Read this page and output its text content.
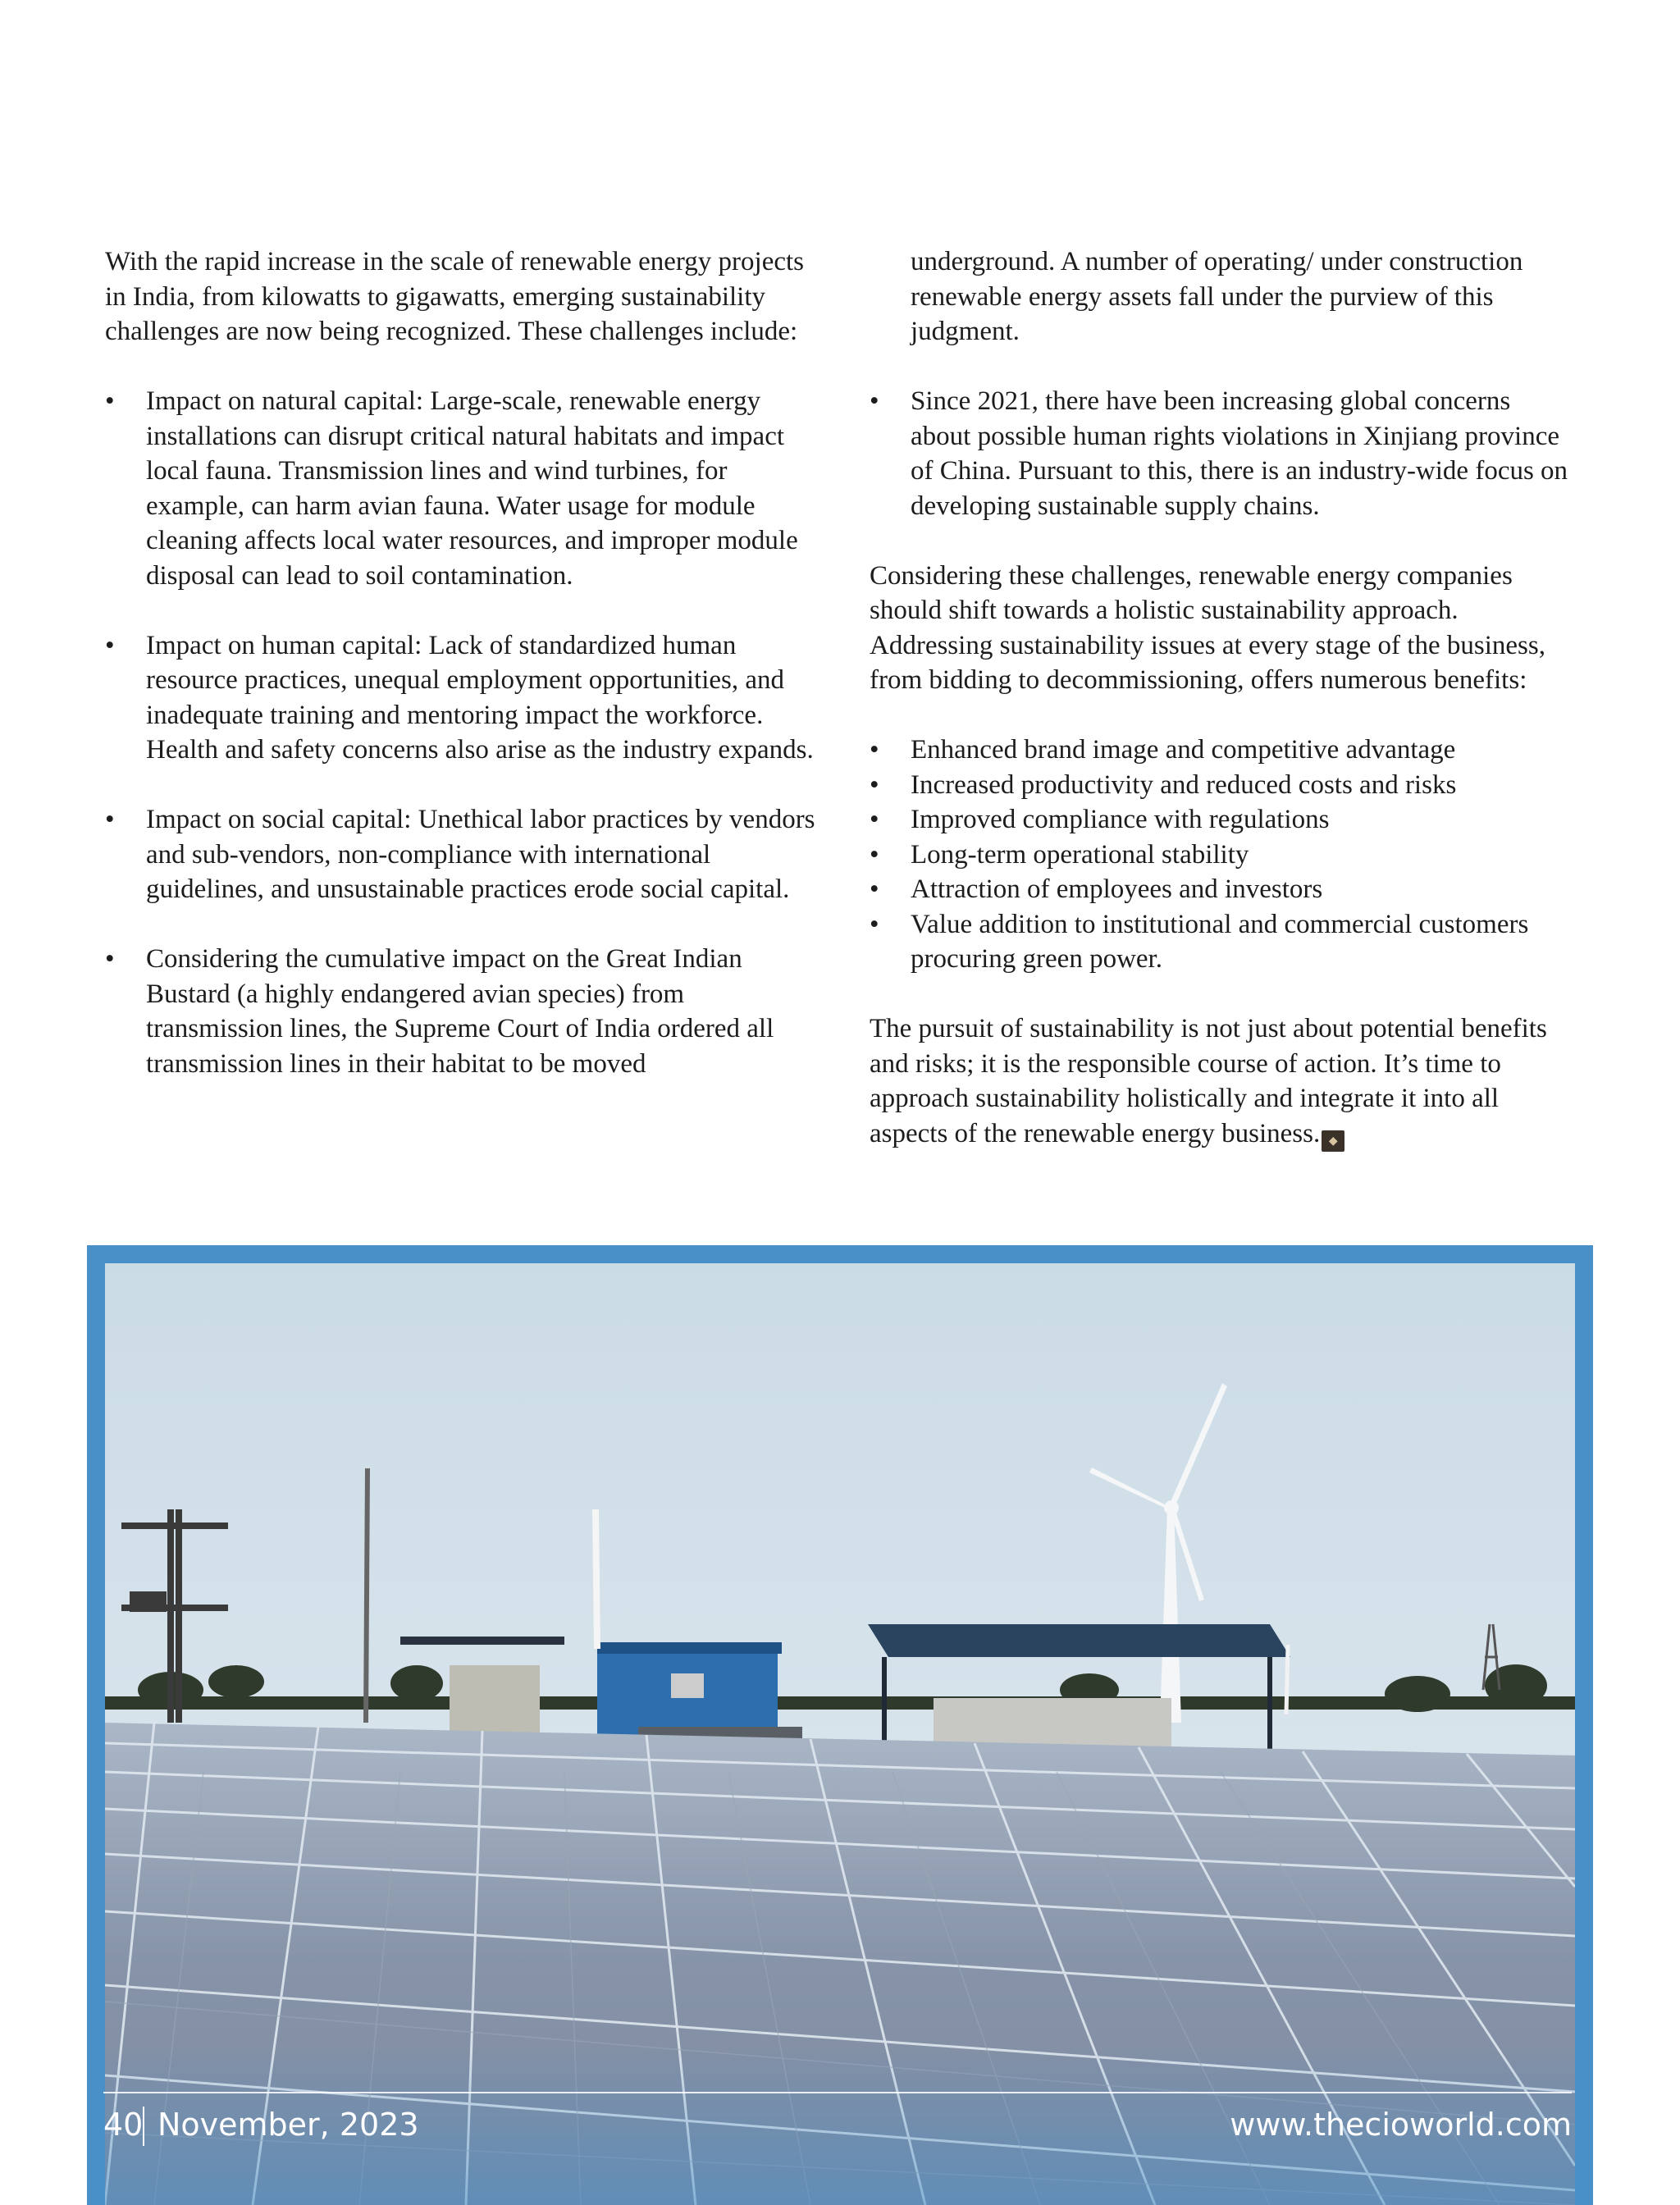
With the rapid increase in the scale of renewable energy projects in India, from kilowatts to gigawatts, emerging sustainability challenges are now being recognized. These challenges include:

• Impact on natural capital: Large-scale, renewable energy installations can disrupt critical natural habitats and impact local fauna. Transmission lines and wind turbines, for example, can harm avian fauna. Water usage for module cleaning affects local water resources, and improper module disposal can lead to soil contamination.
• Impact on human capital: Lack of standardized human resource practices, unequal employment opportunities, and inadequate training and mentoring impact the workforce. Health and safety concerns also arise as the industry expands.
• Impact on social capital: Unethical labor practices by vendors and sub-vendors, non-compliance with international guidelines, and unsustainable practices erode social capital.
• Considering the cumulative impact on the Great Indian Bustard (a highly endangered avian species) from transmission lines, the Supreme Court of India ordered all transmission lines in their habitat to be moved

underground. A number of operating/ under construction renewable energy assets fall under the purview of this judgment.

• Since 2021, there have been increasing global concerns about possible human rights violations in Xinjiang province of China. Pursuant to this, there is an industry-wide focus on developing sustainable supply chains.

Considering these challenges, renewable energy companies should shift towards a holistic sustainability approach. Addressing sustainability issues at every stage of the business, from bidding to decommissioning, offers numerous benefits:

• Enhanced brand image and competitive advantage
• Increased productivity and reduced costs and risks
• Improved compliance with regulations
• Long-term operational stability
• Attraction of employees and investors
• Value addition to institutional and commercial customers procuring green power.

The pursuit of sustainability is not just about potential benefits and risks; it is the responsible course of action. It’s time to approach sustainability holistically and integrate it into all aspects of the renewable energy business. ◆

40 November, 2023	www.thecioworld.com
